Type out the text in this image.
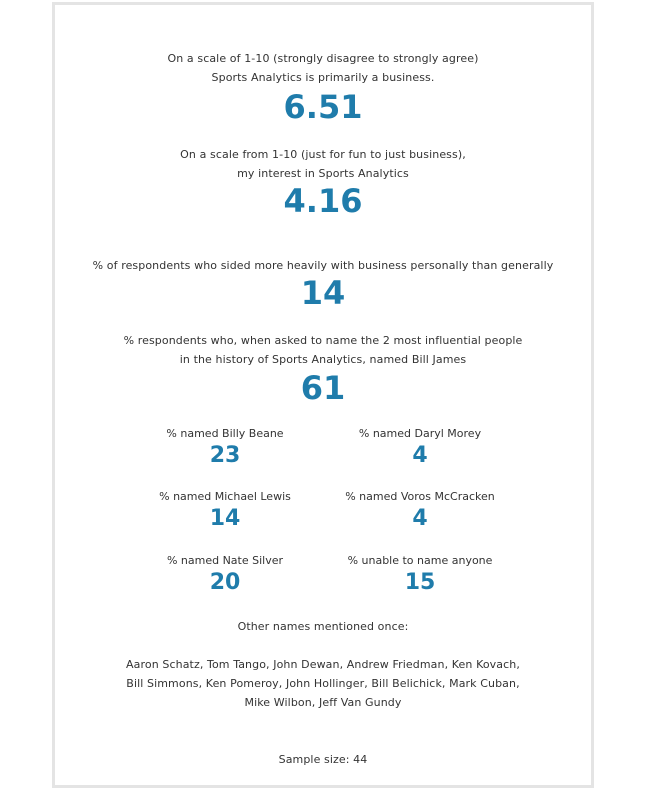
On a scale of 1-10 (strongly disagree to strongly agree)
Sports Analytics is primarily a business.
6.51
On a scale from 1-10 (just for fun to just business),
my interest in Sports Analytics
4.16
% of respondents who sided more heavily with business personally than generally
14
% respondents who, when asked to name the 2 most influential people
in the history of Sports Analytics, named Bill James
61
% named Billy Beane
23
% named Daryl Morey
4
% named Michael Lewis
14
% named Voros McCracken
4
% named Nate Silver
20
% unable to name anyone
15
Other names mentioned once:
Aaron Schatz, Tom Tango, John Dewan, Andrew Friedman, Ken Kovach,
Bill Simmons, Ken Pomeroy, John Hollinger, Bill Belichick, Mark Cuban,
Mike Wilbon, Jeff Van Gundy
Sample size: 44
